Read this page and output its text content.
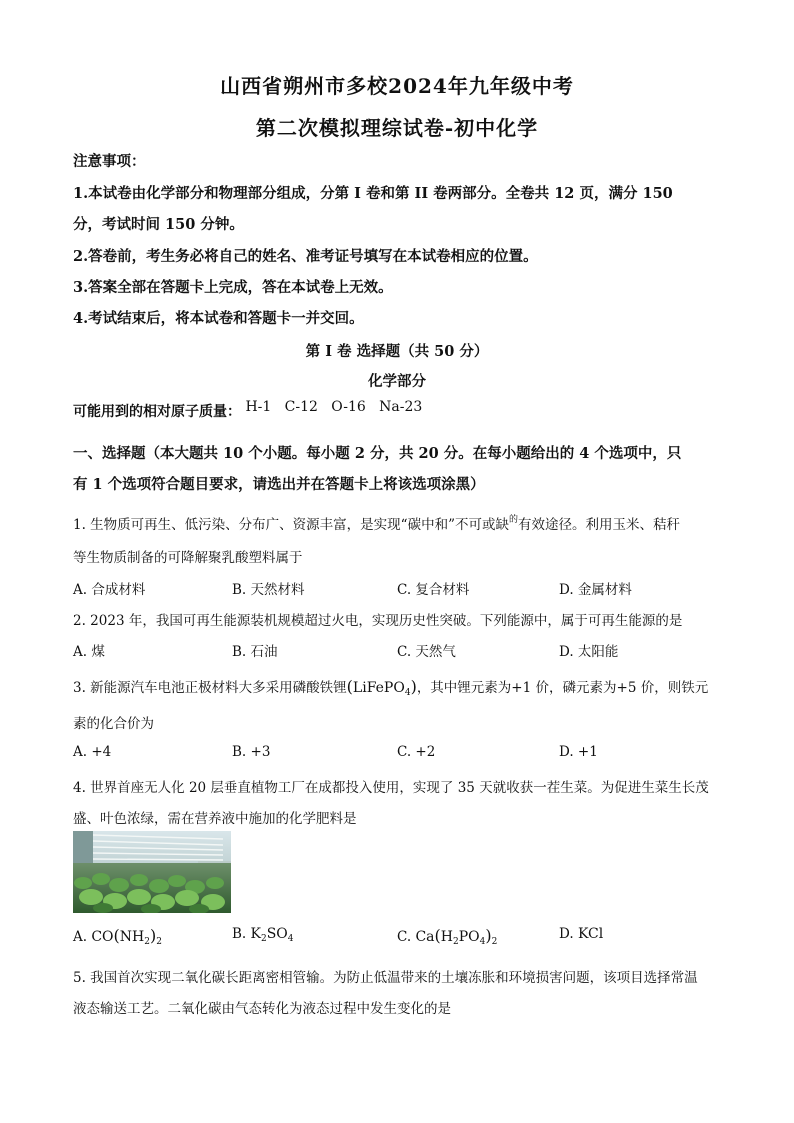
山西省朔州市多校2024年九年级中考
第二次模拟理综试卷-初中化学
注意事项：
1.本试卷由化学部分和物理部分组成，分第 I 卷和第 II 卷两部分。全卷共 12 页，满分 150
分，考试时间 150 分钟。
2.答卷前，考生务必将自己的姓名、准考证号填写在本试卷相应的位置。
3.答案全部在答题卡上完成，答在本试卷上无效。
4.考试结束后，将本试卷和答题卡一并交回。
第 I 卷 选择题（共 50 分）
化学部分
可能用到的相对原子质量： H-1   C-12   O-16   Na-23
一、选择题（本大题共 10 个小题。每小题 2 分，共 20 分。在每小题给出的 4 个选项中，只
有 1 个选项符合题目要求，请选出并在答题卡上将该选项涂黑）
1. 生物质可再生、低污染、分布广、资源丰富，是实现“碳中和”不可或缺$^的$有效途径。利用玉米、秸秆
等生物质制备的可降解聚乳酸塑料属于
A. 合成材料	B. 天然材料	C. 复合材料	D. 金属材料
2. 2023 年，我国可再生能源装机规模超过火电，实现历史性突破。下列能源中，属于可再生能源的是
A. 煤	B. 石油	C. 天然气	D. 太阳能
3. 新能源汽车电池正极材料大多采用磷酸铁锂(LiFePO$_4$)，其中锂元素为+1 价，磷元素为+5 价，则铁元
素的化合价为
A. +4	B. +3	C. +2	D. +1
4. 世界首座无人化 20 层垂直植物工厂在成都投入使用，实现了 35 天就收获一茬生菜。为促进生菜生长茂
盛、叶色浓绿，需在营养液中施加的化学肥料是
A. $CO(NH_2)_2$	B. $K_2SO_4$	C. $Ca(H_2PO_4)_2$	D. KCl
5. 我国首次实现二氧化碳长距离密相管输。为防止低温带来的土壤冻胀和环境损害问题，该项目选择常温
液态输送工艺。二氧化碳由气态转化为液态过程中发生变化的是
